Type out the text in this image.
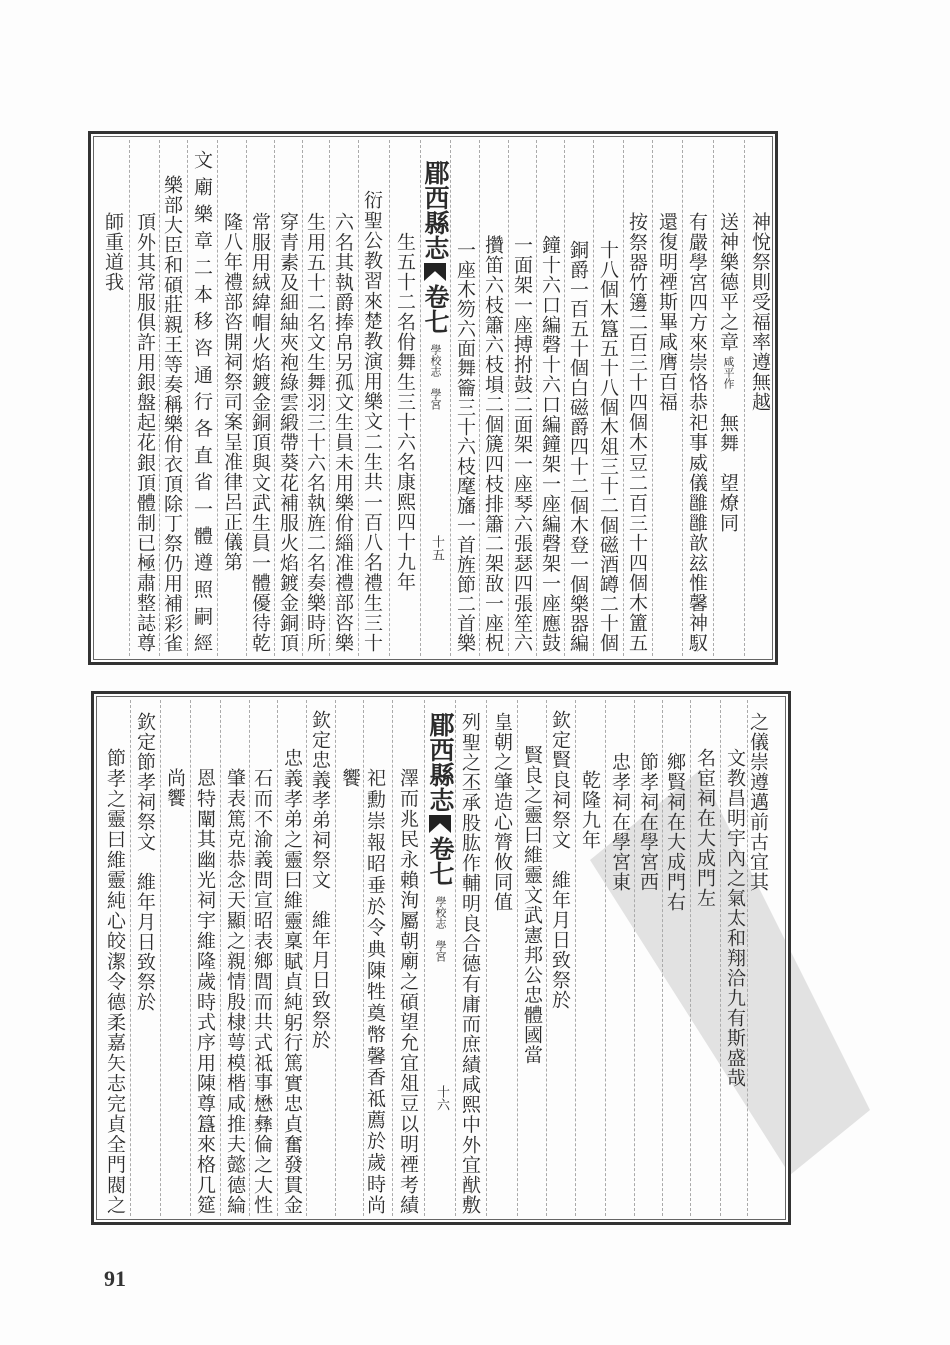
神悅祭則受福率遵無越
送神樂德平之章咸平作　無舞　望燎同
有嚴學宮四方來崇恪恭祀事威儀雝雝歆玆惟馨神馭
還復明禋斯畢咸膺百福
按祭器竹籩二百三十四個木豆二百三十四個木簠五
十八個木簋五十八個木俎三十二個磁酒罇二十個
銅爵一百五十個白磁爵四十二個木登一個樂器編
鐘十六口編磬十六口編鐘架一座編磬架一座應鼓
一面架一座搏拊鼓二面架一座琴六張瑟四張笙六
攢笛六枝簫六枝塤二個篪四枝排簫二架敔一座柷
一座木笏六面舞籥三十六枝麾旛一首旌節二首樂
十五
郿西縣志卷七學校志　學宮
生五十二名佾舞生三十六名康熙四十九年
衍聖公教習來楚教演用樂文二生共一百八名禮生三十
六名其執爵捧帛另孤文生員未用樂佾緇准禮部咨樂
生用五十二名文生舞羽三十六名執旌二名奏樂時所
穿青素及細紬夾袍綠雲緞帶葵花補服火焰鍍金銅頂
常服用絨緯帽火焰鍍金銅頂與文武生員一體優待乾
隆八年禮部咨開祠祭司案呈准律呂正儀第
文廟樂章二本移咨通行各直省一體遵照嗣經
樂部大臣和碩莊親王等奏稱樂佾衣頂除丁祭仍用補彩雀
頂外其常服俱許用銀盤起花銀頂體制已極肅整誌尊
師重道我
之儀崇遵邁前古宜其
文教昌明宇內之氣太和翔洽九有斯盛哉
名宦祠在大成門左
鄉賢祠在大成門右
節孝祠在學宮西
忠孝祠在學宮東
乾隆九年
欽定賢良祠祭文　維年月日致祭於
賢良之靈曰維靈文武憲邦公忠體國當
皇朝之肇造心膂攸同值
列聖之丕承股肱作輔明良合德有庸而庶績咸熙中外宜猷敷
十六
郿西縣志卷七學校志　學宮
澤而兆民永賴洵屬朝廟之碩望允宜俎豆以明禋考績
祀勳崇報昭垂於令典陳牲奠幣馨香祗薦於歲時尚
饗
欽定忠義孝弟祠祭文　維年月日致祭於
忠義孝弟之靈曰維靈稟賦貞純躬行篤實忠貞奮發貫金
石而不渝義問宣昭表鄉閭而共式祗事懋彝倫之大性
肇表篤克恭念天顯之親情殷棣萼模楷咸推夫懿德綸
恩特闡其幽光祠宇維隆歲時式序用陳尊簋來格几筵
尚饗
欽定節孝祠祭文　維年月日致祭於
節孝之靈曰維靈純心皎潔令德柔嘉矢志完貞全門閥之
91
